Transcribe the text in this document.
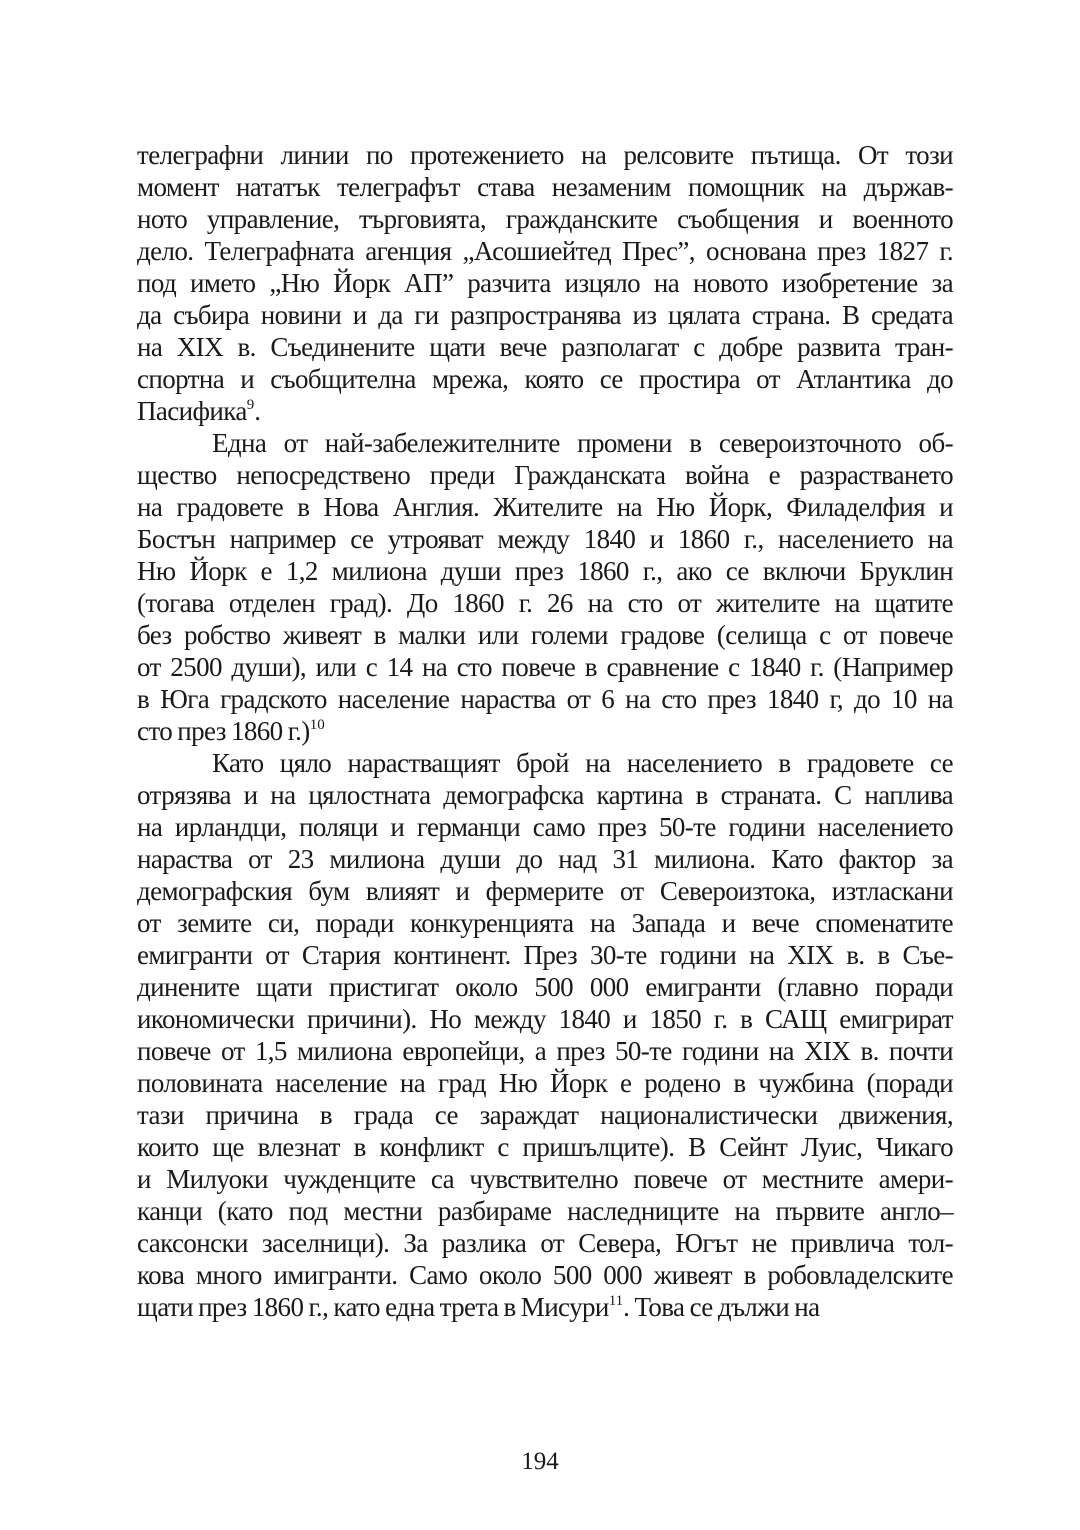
телеграфни линии по протежението на релсовите пътища. От този
момент нататък телеграфът става незаменим помощник на държав-
ното управление, търговията, гражданските съобщения и военното
дело. Телеграфната агенция „Асошиейтед Прес”, основана през 1827 г.
под името „Ню Йорк АП” разчита изцяло на новото изобретение за
да събира новини и да ги разпространява из цялата страна. В средата
на XIX в. Съединените щати вече разполагат с добре развита тран-
спортна и съобщителна мрежа, която се простира от Атлантика до
Пасифика$^9$.
Една от най-забележителните промени в североизточното об-
щество непосредствено преди Гражданската война е разрастването
на градовете в Нова Англия. Жителите на Ню Йорк, Филаделфия и
Бостън например се утрояват между 1840 и 1860 г., населението на
Ню Йорк е 1,2 милиона души през 1860 г., ако се включи Бруклин
(тогава отделен град). До 1860 г. 26 на сто от жителите на щатите
без робство живеят в малки или големи градове (селища с от повече
от 2500 души), или с 14 на сто повече в сравнение с 1840 г. (Например
в Юга градското население нараства от 6 на сто през 1840 г, до 10 на
сто през 1860 г.)$^{10}$
Като цяло нарастващият брой на населението в градовете се
отрязява и на цялостната демографска картина в страната. С наплива
на ирландци, поляци и германци само през 50-те години населението
нараства от 23 милиона души до над 31 милиона. Като фактор за
демографския бум влияят и фермерите от Североизтока, изтласкани
от земите си, поради конкуренцията на Запада и вече споменатите
емигранти от Стария континент. През 30-те години на XIX в. в Съе-
динените щати пристигат около 500 000 емигранти (главно поради
икономически причини). Но между 1840 и 1850 г. в САЩ емигрират
повече от 1,5 милиона европейци, а през 50-те години на XIX в. почти
половината население на град Ню Йорк е родено в чужбина (поради
тази причина в града се зараждат националистически движения,
които ще влезнат в конфликт с пришълците). В Сейнт Луис, Чикаго
и Милуоки чужденците са чувствително повече от местните амери-
канци (като под местни разбираме наследниците на първите англо–
саксонски заселници). За разлика от Севера, Югът не привлича тол-
кова много имигранти. Само около 500 000 живеят в робовладелските
щати през 1860 г., като една трета в Мисури$^{11}$. Това се дължи на
194
